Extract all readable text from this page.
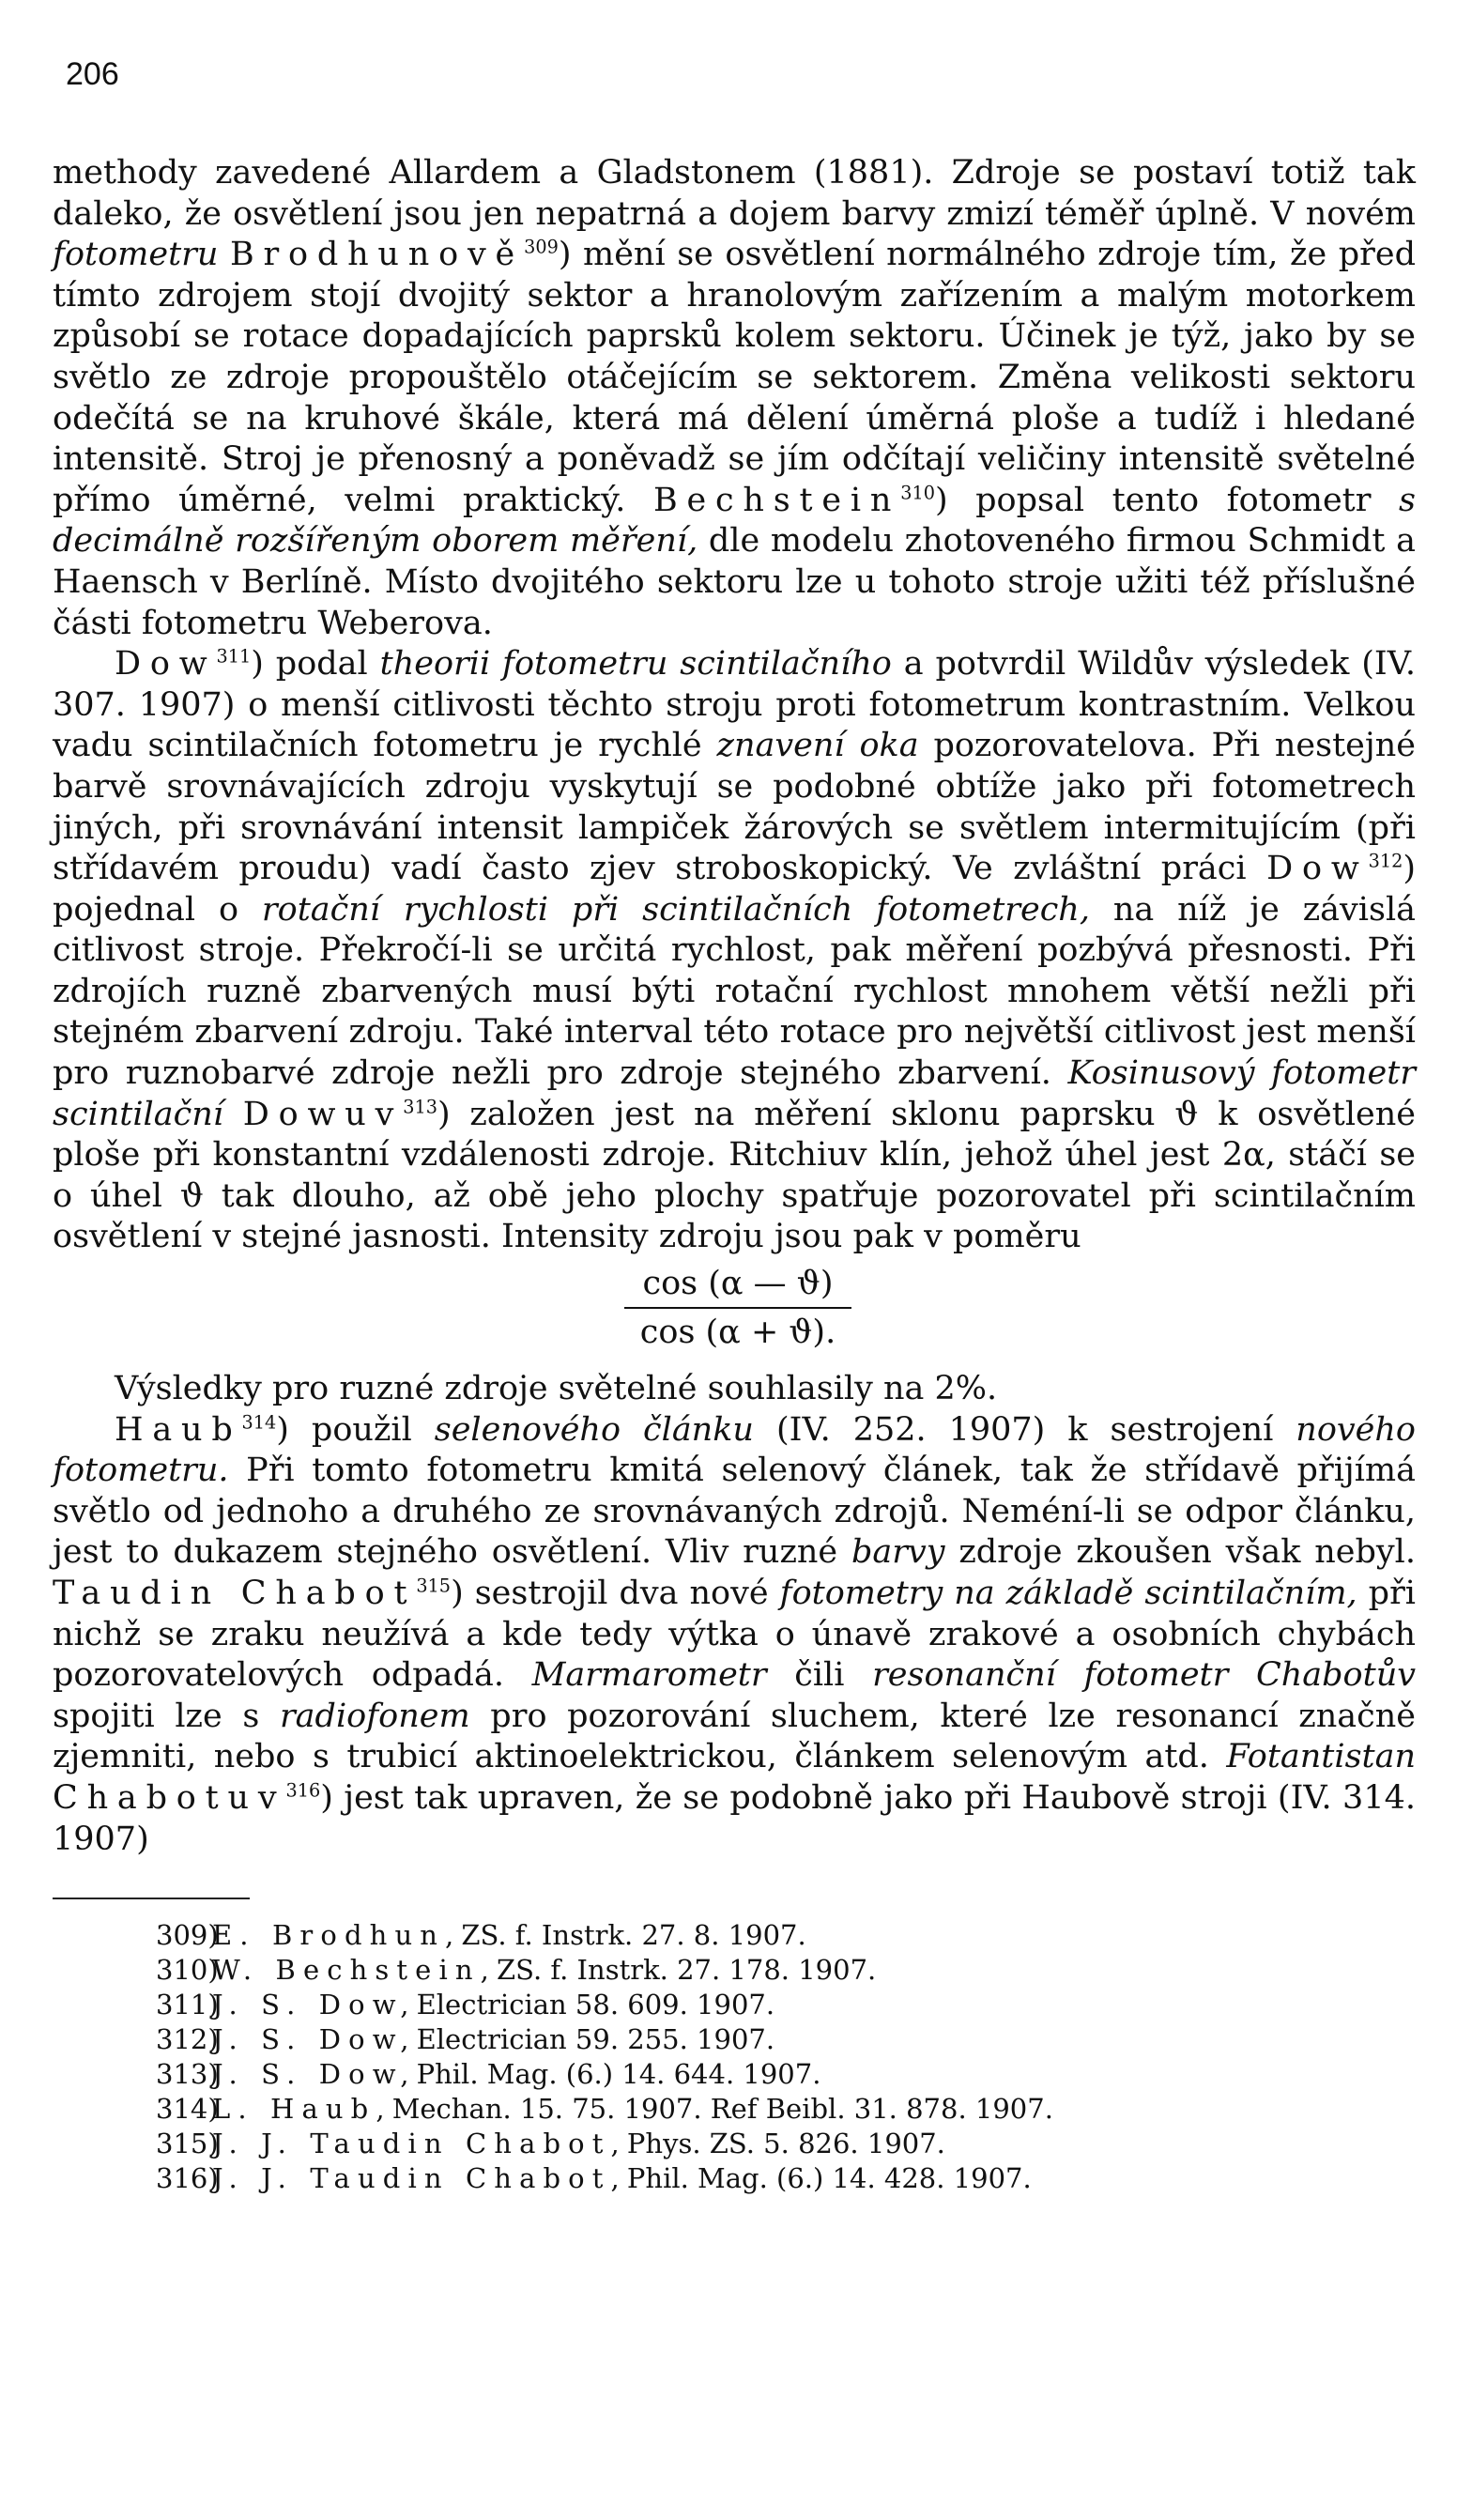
206

methody zavedené Allardem a Gladstonem (1881). Zdroje se postaví totiž tak daleko, že osvětlení jsou jen nepatrná a dojem barvy zmizí téměř úplně. V novém fotometru Brodhunově$^{309}$) mění se osvětlení normálného zdroje tím, že před tímto zdrojem stojí dvojitý sektor a hranolovým zařízením a malým motorkem způsobí se rotace dopadajících paprsků kolem sektoru. Účinek je týž, jako by se světlo ze zdroje propouštělo otáčejícím se sektorem. Změna velikosti sektoru odečítá se na kruhové škále, která má dělení úměrná ploše a tudíž i hledané intensitě. Stroj je přenosný a poněvadž se jím odčítají veličiny intensitě světelné přímo úměrné, velmi praktický. Bechstein$^{310}$) popsal tento fotometr s decimálně rozšířeným oborem měření, dle modelu zhotoveného firmou Schmidt a Haensch v Berlíně. Místo dvojitého sektoru lze u tohoto stroje užiti též příslušné části fotometru Weberova.

Dow$^{311}$) podal theorii fotometru scintilačního a potvrdil Wildův výsledek (IV. 307. 1907) o menší citlivosti těchto stroju proti fotometrum kontrastním. Velkou vadu scintilačních fotometru je rychlé znavení oka pozorovatelova. Při nestejné barvě srovnávajících zdroju vyskytují se podobné obtíže jako při fotometrech jiných, při srovnávání intensit lampiček žárových se světlem intermitujícím (při střídavém proudu) vadí často zjev stroboskopický. Ve zvláštní práci Dow$^{312}$) pojednal o rotační rychlosti při scintilačních fotometrech, na níž je závislá citlivost stroje. Překročí-li se určitá rychlost, pak měření pozbývá přesnosti. Při zdrojích ruzně zbarvených musí býti rotační rychlost mnohem větší nežli při stejném zbarvení zdroju. Také interval této rotace pro největší citlivost jest menší pro ruznobarvé zdroje nežli pro zdroje stejného zbarvení. Kosinusový fotometr scintilační Dowuv$^{313}$) založen jest na měření sklonu paprsku ϑ k osvětlené ploše při konstantní vzdálenosti zdroje. Ritchiuv klín, jehož úhel jest 2α, stáčí se o úhel ϑ tak dlouho, až obě jeho plochy spatřuje pozorovatel při scintilačním osvětlení v stejné jasnosti. Intensity zdroju jsou pak v poměru

cos (α — ϑ)
cos (α + ϑ).

Výsledky pro ruzné zdroje světelné souhlasily na 2%.

Haub$^{314}$) použil selenového článku (IV. 252. 1907) k sestrojení nového fotometru. Při tomto fotometru kmitá selenový článek, tak že střídavě přijímá světlo od jednoho a druhého ze srovnávaných zdrojů. Neméní-li se odpor článku, jest to dukazem stejného osvětlení. Vliv ruzné barvy zdroje zkoušen však nebyl. Taudin Chabot$^{315}$) sestrojil dva nové fotometry na základě scintilačním, při nichž se zraku neužívá a kde tedy výtka o únavě zrakové a osobních chybách pozorovatelových odpadá. Marmarometr čili resonanční fotometr Chabotův spojiti lze s radiofonem pro pozorování sluchem, které lze resonancí značně zjemniti, nebo s trubicí aktinoelektrickou, článkem selenovým atd. Fotantistan Chabotuv$^{316}$) jest tak upraven, že se podobně jako při Haubově stroji (IV. 314. 1907)

309)
E. Brodhun, ZS. f. Instrk. 27. 8. 1907.
310)
W. Bechstein, ZS. f. Instrk. 27. 178. 1907.
311)
J. S. Dow, Electrician 58. 609. 1907.
312)
J. S. Dow, Electrician 59. 255. 1907.
313)
J. S. Dow, Phil. Mag. (6.) 14. 644. 1907.
314)
L. Haub, Mechan. 15. 75. 1907. Ref Beibl. 31. 878. 1907.
315)
J. J. Taudin Chabot, Phys. ZS. 5. 826. 1907.
316)
J. J. Taudin Chabot, Phil. Mag. (6.) 14. 428. 1907.
